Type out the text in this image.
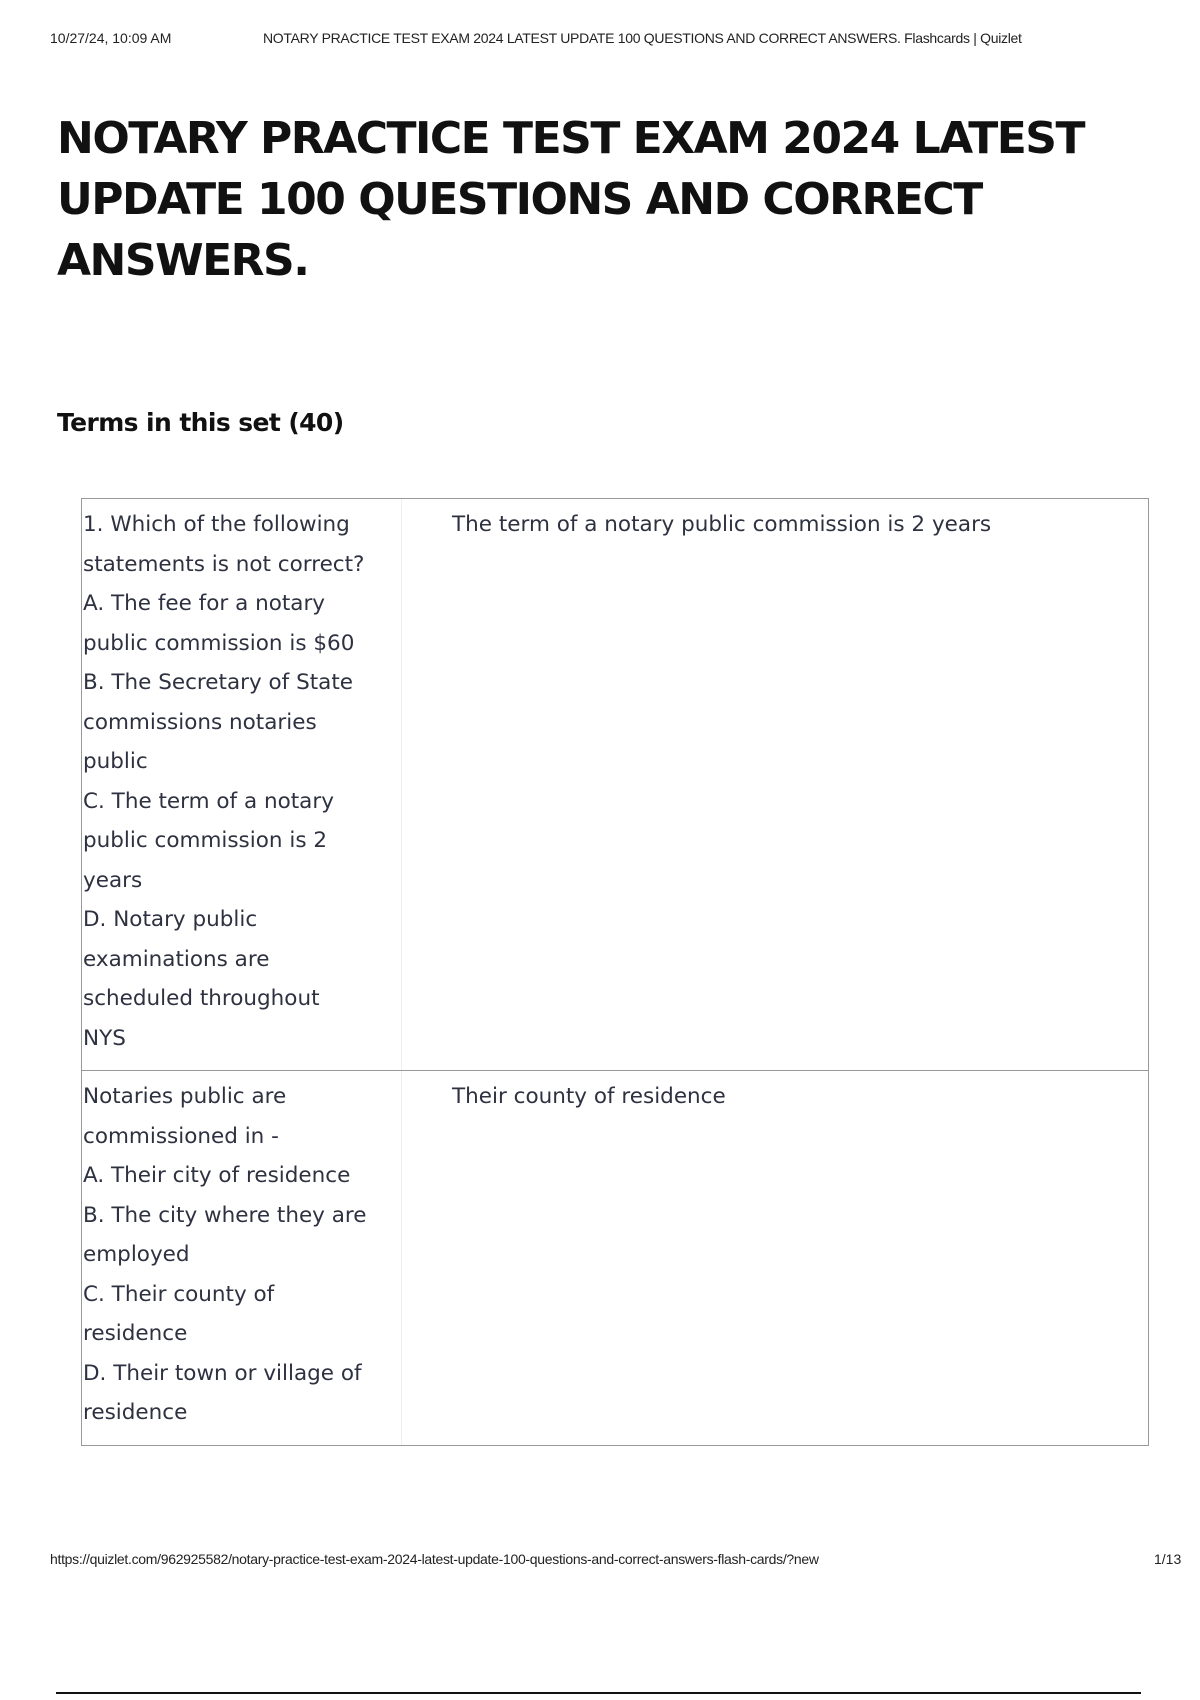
10/27/24, 10:09 AM	NOTARY PRACTICE TEST EXAM 2024 LATEST UPDATE 100 QUESTIONS AND CORRECT ANSWERS. Flashcards | Quizlet
NOTARY PRACTICE TEST EXAM 2024 LATEST UPDATE 100 QUESTIONS AND CORRECT ANSWERS.
Terms in this set (40)
1. Which of the following
statements is not correct?
A. The fee for a notary
public commission is $60
B. The Secretary of State
commissions notaries
public
C. The term of a notary
public commission is 2
years
D. Notary public
examinations are
scheduled throughout
NYS
The term of a notary public commission is 2 years
Notaries public are
commissioned in -
A. Their city of residence
B. The city where they are
employed
C. Their county of
residence
D. Their town or village of
residence
Their county of residence
https://quizlet.com/962925582/notary-practice-test-exam-2024-latest-update-100-questions-and-correct-answers-flash-cards/?new	1/13
